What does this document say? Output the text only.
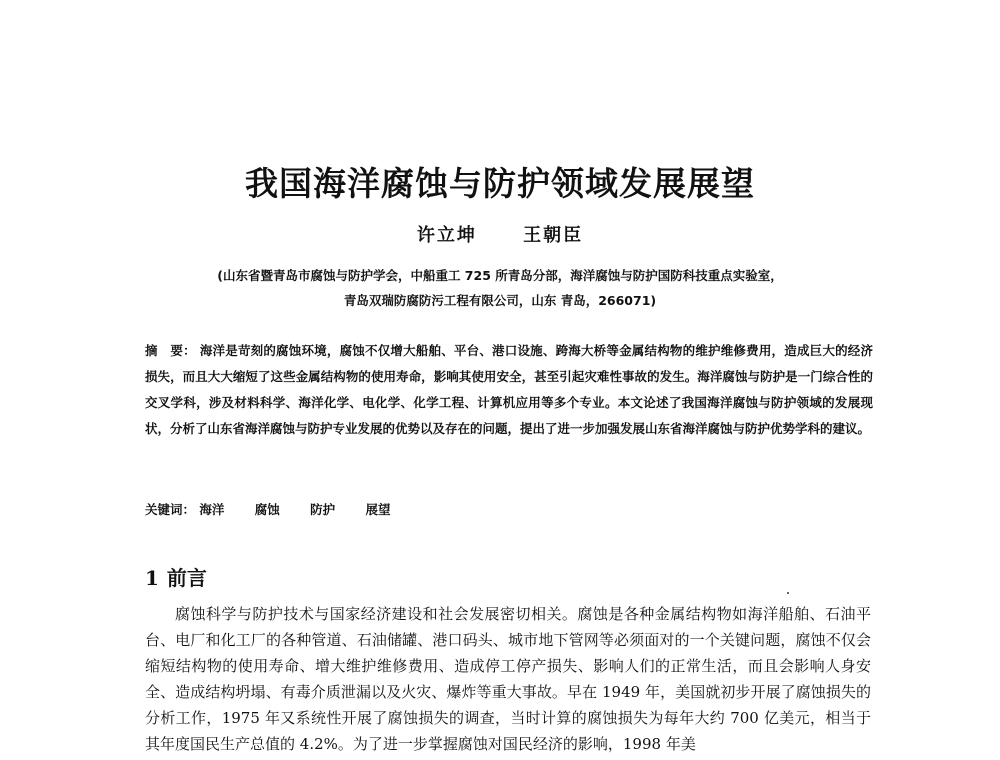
我国海洋腐蚀与防护领域发展展望
许立坤	王朝臣
(山东省暨青岛市腐蚀与防护学会，中船重工 725 所青岛分部，海洋腐蚀与防护国防科技重点实验室，
青岛双瑞防腐防污工程有限公司，山东 青岛，266071)
摘　要： 海洋是苛刻的腐蚀环境，腐蚀不仅增大船舶、平台、港口设施、跨海大桥等金属结构物的维护维修费用，造成巨大的经济损失，而且大大缩短了这些金属结构物的使用寿命，影响其使用安全，甚至引起灾难性事故的发生。海洋腐蚀与防护是一门综合性的交叉学科，涉及材料科学、海洋化学、电化学、化学工程、计算机应用等多个专业。本文论述了我国海洋腐蚀与防护领域的发展现状，分析了山东省海洋腐蚀与防护专业发展的优势以及存在的问题，提出了进一步加强发展山东省海洋腐蚀与防护优势学科的建议。
关键词： 海洋 腐蚀 防护 展望
1 前言

腐蚀科学与防护技术与国家经济建设和社会发展密切相关。腐蚀是各种金属结构物如海洋船舶、石油平台、电厂和化工厂的各种管道、石油储罐、港口码头、城市地下管网等必须面对的一个关键问题，腐蚀不仅会缩短结构物的使用寿命、增大维护维修费用、造成停工停产损失、影响人们的正常生活，而且会影响人身安全、造成结构坍塌、有毒介质泄漏以及火灾、爆炸等重大事故。早在 1949 年，美国就初步开展了腐蚀损失的分析工作，1975 年又系统性开展了腐蚀损失的调查，当时计算的腐蚀损失为每年大约 700 亿美元，相当于其年度国民生产总值的 4.2%。为了进一步掌握腐蚀对国民经济的影响，1998 年美
